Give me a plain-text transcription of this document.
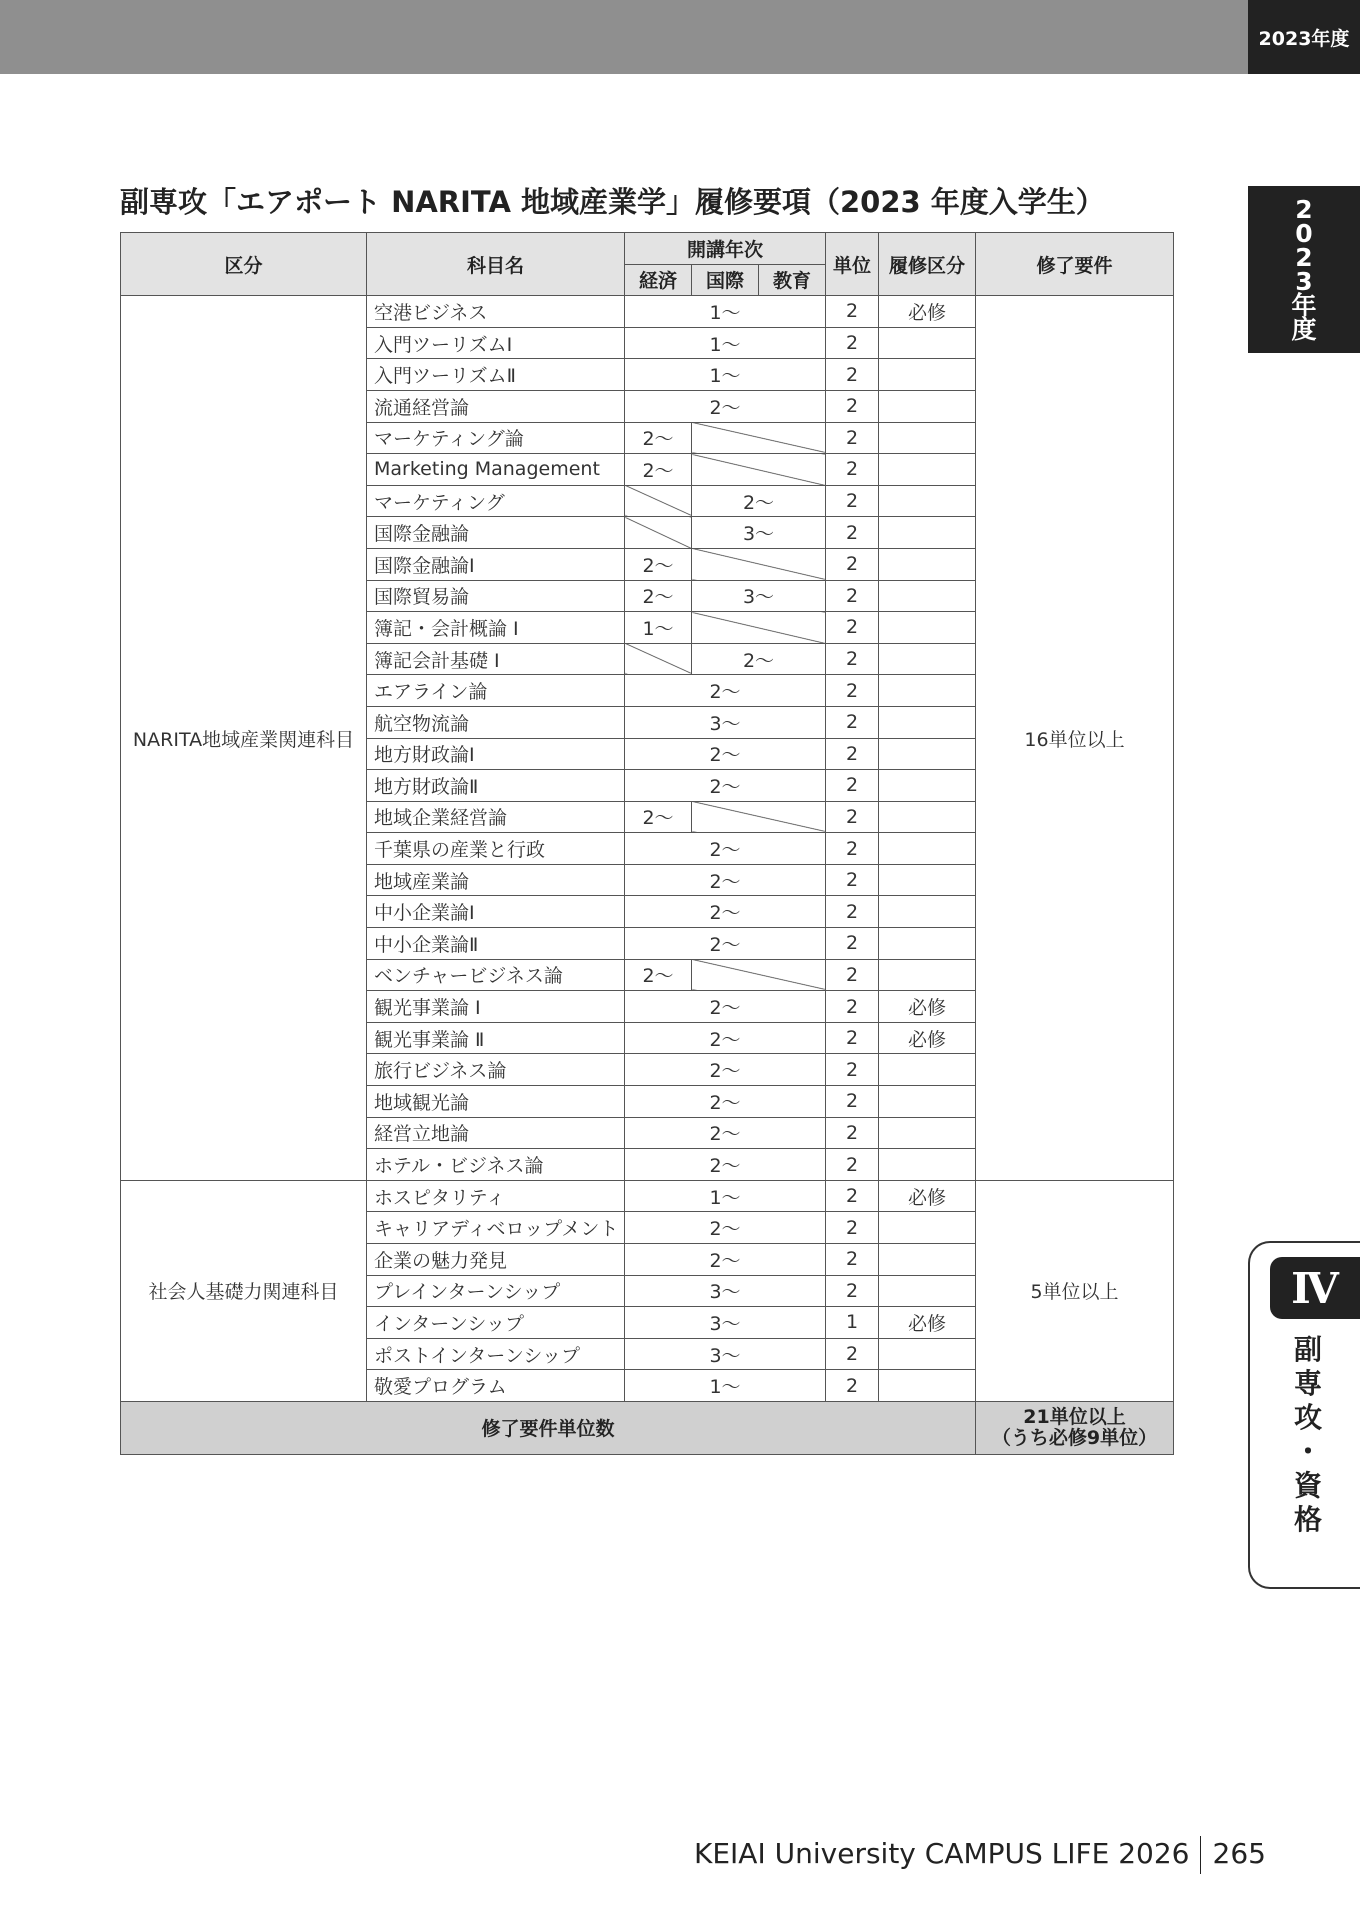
2023年度
2
0
2
3
年
度
Ⅳ
副
専
攻
・
資
格
副専攻「エアポート NARITA 地域産業学」履修要項（2023 年度入学生）
区分	科目名	開講年次			単位	履修区分	修了要件
		経済	国際	教育			
NARITA地域産業関連科目	空港ビジネス	1〜			2	必修	16単位以上
	入門ツーリズムⅠ	1〜			2		
	入門ツーリズムⅡ	1〜			2		
	流通経営論	2〜			2		
	マーケティング論	2〜			2		
	Marketing Management	2〜			2		
	マーケティング		2〜		2		
	国際金融論		3〜		2		
	国際金融論Ⅰ	2〜			2		
	国際貿易論	2〜	3〜		2		
	簿記・会計概論 Ⅰ	1〜			2		
	簿記会計基礎 Ⅰ		2〜		2		
	エアライン論	2〜			2		
	航空物流論	3〜			2		
	地方財政論Ⅰ	2〜			2		
	地方財政論Ⅱ	2〜			2		
	地域企業経営論	2〜			2		
	千葉県の産業と行政	2〜			2		
	地域産業論	2〜			2		
	中小企業論Ⅰ	2〜			2		
	中小企業論Ⅱ	2〜			2		
	ベンチャービジネス論	2〜			2		
	観光事業論 Ⅰ	2〜			2	必修	
	観光事業論 Ⅱ	2〜			2	必修	
	旅行ビジネス論	2〜			2		
	地域観光論	2〜			2		
	経営立地論	2〜			2		
	ホテル・ビジネス論	2〜			2		
社会人基礎力関連科目	ホスピタリティ	1〜			2	必修	5単位以上
	キャリアディベロップメント	2〜			2		
	企業の魅力発見	2〜			2		
	プレインターンシップ	3〜			2		
	インターンシップ	3〜			1	必修	
	ポストインターンシップ	3〜			2		
	敬愛プログラム	1〜			2		
修了要件単位数							21単位以上
（うち必修9単位）
KEIAI University CAMPUS LIFE 2026 265
